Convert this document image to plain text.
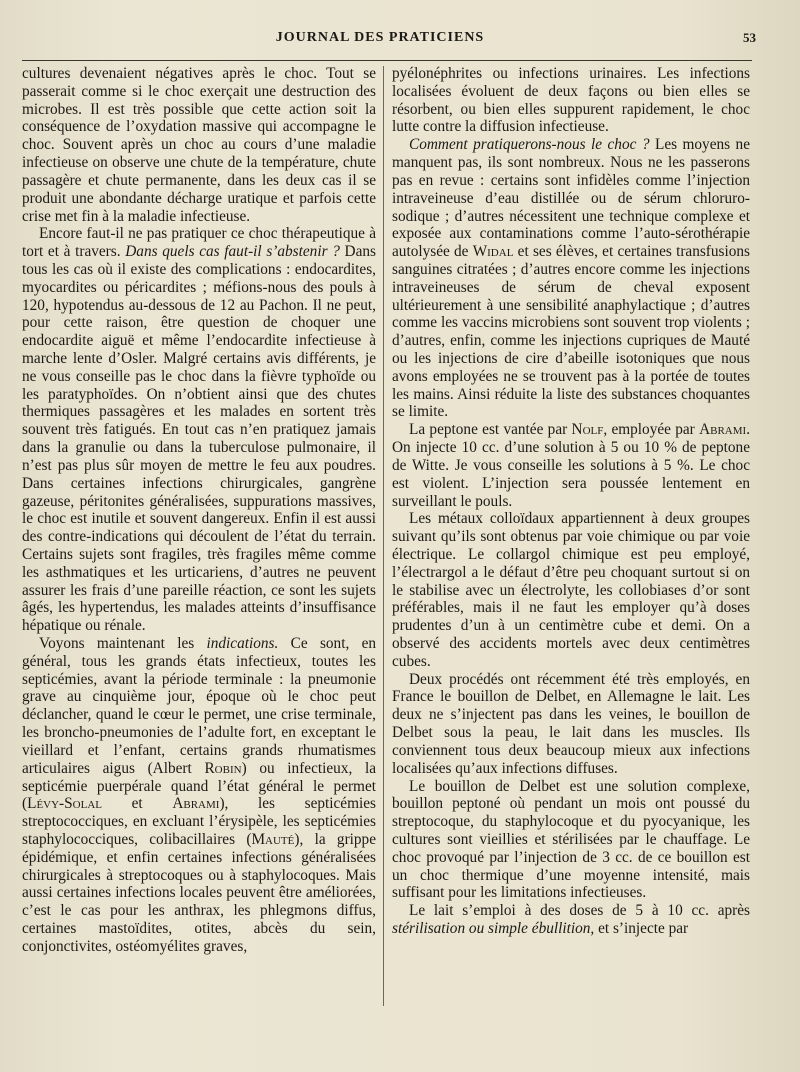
JOURNAL DES PRATICIENS	53

cultures devenaient négatives après le choc. Tout se passerait comme si le choc exerçait une destruction des microbes. Il est très possible que cette action soit la conséquence de l’oxydation massive qui accompagne le choc. Souvent après un choc au cours d’une maladie infectieuse on observe une chute de la température, chute passagère et chute permanente, dans les deux cas il se produit une abondante décharge uratique et parfois cette crise met fin à la maladie infectieuse.

Encore faut-il ne pas pratiquer ce choc thérapeutique à tort et à travers. Dans quels cas faut-il s’abstenir ? Dans tous les cas où il existe des complications : endocardites, myocardites ou péricardites ; méfions-nous des pouls à 120, hypotendus au-dessous de 12 au Pachon. Il ne peut, pour cette raison, être question de choquer une endocardite aiguë et même l’endocardite infectieuse à marche lente d’Osler. Malgré certains avis différents, je ne vous conseille pas le choc dans la fièvre typhoïde ou les paratyphoïdes. On n’obtient ainsi que des chutes thermiques passagères et les malades en sortent très souvent très fatigués. En tout cas n’en pratiquez jamais dans la granulie ou dans la tuberculose pulmonaire, il n’est pas plus sûr moyen de mettre le feu aux poudres. Dans certaines infections chirurgicales, gangrène gazeuse, péritonites généralisées, suppurations massives, le choc est inutile et souvent dangereux. Enfin il est aussi des contre-indications qui découlent de l’état du terrain. Certains sujets sont fragiles, très fragiles même comme les asthmatiques et les urticariens, d’autres ne peuvent assurer les frais d’une pareille réaction, ce sont les sujets âgés, les hypertendus, les malades atteints d’insuffisance hépatique ou rénale.

Voyons maintenant les indications. Ce sont, en général, tous les grands états infectieux, toutes les septicémies, avant la période terminale : la pneumonie grave au cinquième jour, époque où le choc peut déclancher, quand le cœur le permet, une crise terminale, les broncho-pneumonies de l’adulte fort, en exceptant le vieillard et l’enfant, certains grands rhumatismes articulaires aigus (Albert Robin) ou infectieux, la septicémie puerpérale quand l’état général le permet (Lévy-Solal et Abrami), les septicémies streptococciques, en excluant l’érysipèle, les septicémies staphylococciques, colibacillaires (Mauté), la grippe épidémique, et enfin certaines infections généralisées chirurgicales à streptocoques ou à staphylocoques. Mais aussi certaines infections locales peuvent être améliorées, c’est le cas pour les anthrax, les phlegmons diffus, certaines mastoïdites, otites, abcès du sein, conjonctivites, ostéomyélites graves,

pyélonéphrites ou infections urinaires. Les infections localisées évoluent de deux façons ou bien elles se résorbent, ou bien elles suppurent rapidement, le choc lutte contre la diffusion infectieuse.

Comment pratiquerons-nous le choc ? Les moyens ne manquent pas, ils sont nombreux. Nous ne les passerons pas en revue : certains sont infidèles comme l’injection intraveineuse d’eau distillée ou de sérum chloruro-sodique ; d’autres nécessitent une technique complexe et exposée aux contaminations comme l’auto-sérothérapie autolysée de Widal et ses élèves, et certaines transfusions sanguines citratées ; d’autres encore comme les injections intraveineuses de sérum de cheval exposent ultérieurement à une sensibilité anaphylactique ; d’autres comme les vaccins microbiens sont souvent trop violents ; d’autres, enfin, comme les injections cupriques de Mauté ou les injections de cire d’abeille isotoniques que nous avons employées ne se trouvent pas à la portée de toutes les mains. Ainsi réduite la liste des substances choquantes se limite.

La peptone est vantée par Nolf, employée par Abrami. On injecte 10 cc. d’une solution à 5 ou 10 % de peptone de Witte. Je vous conseille les solutions à 5 %. Le choc est violent. L’injection sera poussée lentement en surveillant le pouls.

Les métaux colloïdaux appartiennent à deux groupes suivant qu’ils sont obtenus par voie chimique ou par voie électrique. Le collargol chimique est peu employé, l’électrargol a le défaut d’être peu choquant surtout si on le stabilise avec un électrolyte, les collobiases d’or sont préférables, mais il ne faut les employer qu’à doses prudentes d’un à un centimètre cube et demi. On a observé des accidents mortels avec deux centimètres cubes.

Deux procédés ont récemment été très employés, en France le bouillon de Delbet, en Allemagne le lait. Les deux ne s’injectent pas dans les veines, le bouillon de Delbet sous la peau, le lait dans les muscles. Ils conviennent tous deux beaucoup mieux aux infections localisées qu’aux infections diffuses.

Le bouillon de Delbet est une solution complexe, bouillon peptoné où pendant un mois ont poussé du streptocoque, du staphylocoque et du pyocyanique, les cultures sont vieillies et stérilisées par le chauffage. Le choc provoqué par l’injection de 3 cc. de ce bouillon est un choc thermique d’une moyenne intensité, mais suffisant pour les limitations infectieuses.

Le lait s’emploi à des doses de 5 à 10 cc. après stérilisation ou simple ébullition, et s’injecte par
